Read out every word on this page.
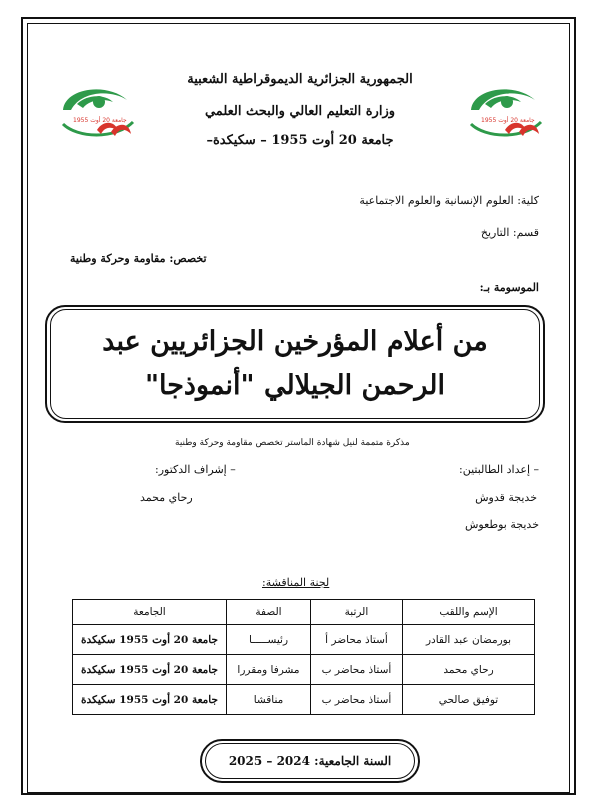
جامعة 20 أوت 1955	جامعة 20 أوت 1955
الجمهورية الجزائرية الديموقراطية الشعبية
وزارة التعليم العالي والبحث العلمي
جامعة 20 أوت 1955 – سكيكدة–
كلية: العلوم الإنسانية والعلوم الاجتماعية
قسم: التاريخ
تخصص: مقاومة وحركة وطنية
الموسومة بـ:
من أعلام المؤرخين الجزائريين عبد الرحمن الجيلالي "أنموذجا"
مذكرة متممة لنيل شهادة الماستر تخصص مقاومة وحركة وطنية
– إعداد الطالبتين:
– إشراف الدكتور:
خديجة قدوش
رحاي محمد
خديجة بوطعوش
لجنة المناقشة:
الإسم واللقب	الرتبة	الصفة	الجامعة
بورمضان عبد القادر	أستاذ محاضر أ	رئيســـــا	جامعة 20 أوت 1955 سكيكدة
رحاي محمد	أستاذ محاضر ب	مشرفا ومقررا	جامعة 20 أوت 1955 سكيكدة
توفيق صالحي	أستاذ محاضر ب	مناقشا	جامعة 20 أوت 1955 سكيكدة
السنة الجامعية: 2024 – 2025
